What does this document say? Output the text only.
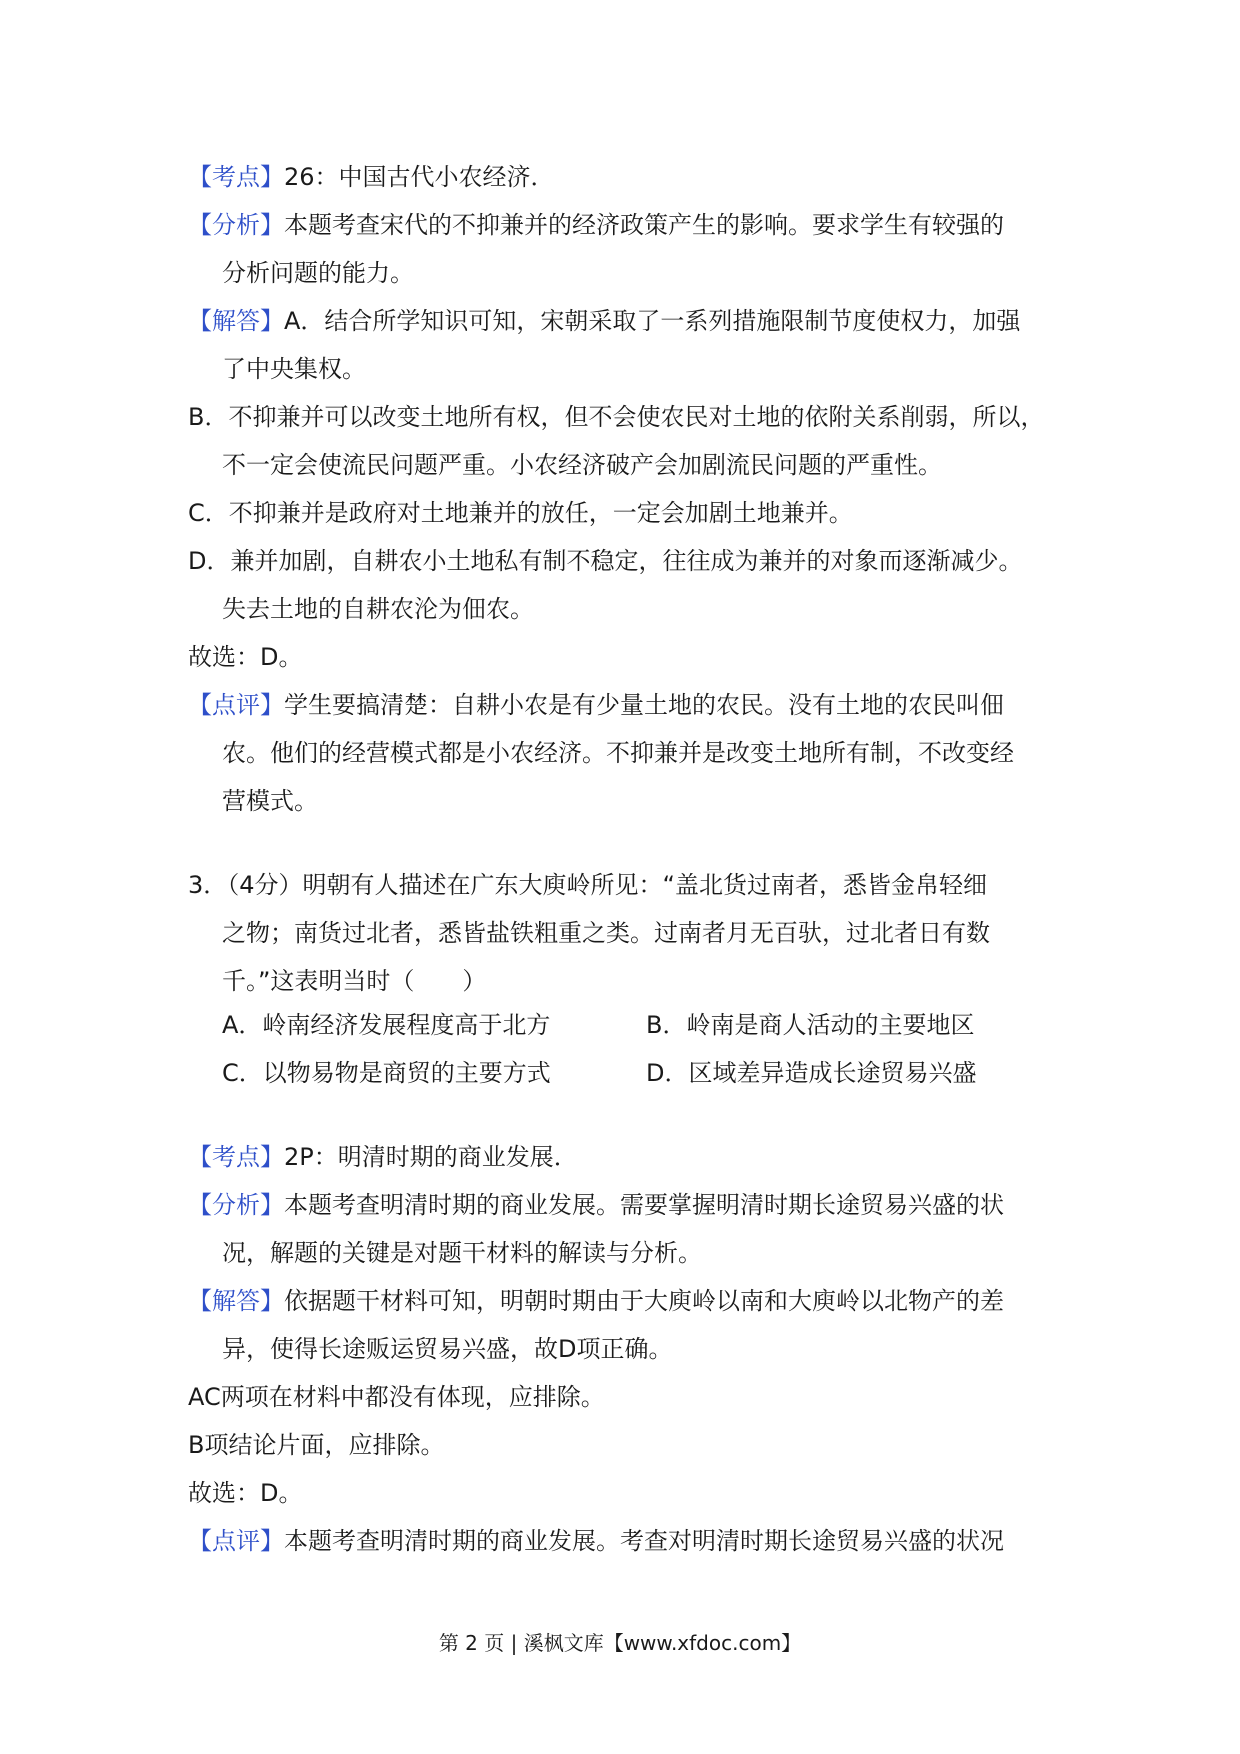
【考点】26：中国古代小农经济．
【分析】本题考查宋代的不抑兼并的经济政策产生的影响。要求学生有较强的
分析问题的能力。
【解答】A．结合所学知识可知，宋朝采取了一系列措施限制节度使权力，加强
了中央集权。
B．不抑兼并可以改变土地所有权，但不会使农民对土地的依附关系削弱，所以，
不一定会使流民问题严重。小农经济破产会加剧流民问题的严重性。
C．不抑兼并是政府对土地兼并的放任，一定会加剧土地兼并。
D．兼并加剧，自耕农小土地私有制不稳定，往往成为兼并的对象而逐渐减少。
失去土地的自耕农沦为佃农。
故选：D。
【点评】学生要搞清楚：自耕小农是有少量土地的农民。没有土地的农民叫佃
农。他们的经营模式都是小农经济。不抑兼并是改变土地所有制，不改变经
营模式。
3．（4分）明朝有人描述在广东大庾岭所见：“盖北货过南者，悉皆金帛轻细
之物；南货过北者，悉皆盐铁粗重之类。过南者月无百驮，过北者日有数
千。”这表明当时（　　）
A．岭南经济发展程度高于北方	B．岭南是商人活动的主要地区
C．以物易物是商贸的主要方式	D．区域差异造成长途贸易兴盛
【考点】2P：明清时期的商业发展．
【分析】本题考查明清时期的商业发展。需要掌握明清时期长途贸易兴盛的状
况，解题的关键是对题干材料的解读与分析。
【解答】依据题干材料可知，明朝时期由于大庾岭以南和大庾岭以北物产的差
异，使得长途贩运贸易兴盛，故D项正确。
AC两项在材料中都没有体现，应排除。
B项结论片面，应排除。
故选：D。
【点评】本题考查明清时期的商业发展。考查对明清时期长途贸易兴盛的状况
第 2 页 | 溪枫文库【www.xfdoc.com】
